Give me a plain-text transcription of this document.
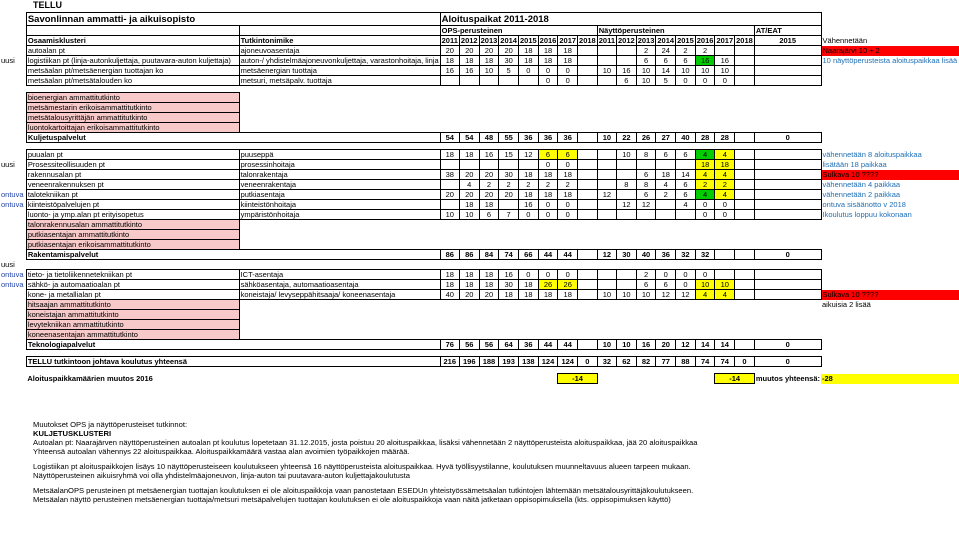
TELLU
	Savonlinnan ammatti- ja aikuisopisto		Aloituspaikat 2011-2018																	
			OPS-perusteinen								Näyttöperusteinen								AT/EAT	
	Osaamisklusteri	Tutkintonimike	2011	2012	2013	2014	2015	2016	2017	2018	2011	2012	2013	2014	2015	2016	2017	2018	2015	Vähennetään
	autoalan pt	ajoneuvoasentaja	20	20	20	20	18	18	18				2	24	2	2				Naarajärvi 10 + 2
uusi	logistiikan pt (linja-autonkuljettaja, puutavara-auton kuljettaja)	auton-/ yhdistelmäajoneuvonkuljettaja, varastonhoitaja, linja	18	18	18	30	18	18	18				6	6	6	16	16			10 näyttöperusteista aloituspaikkaa lisää
	metsäalan pt/metsäenergian tuottajan ko	metsäenergian tuottaja	16	16	10	5	0	0	0		10	16	10	14	10	10	10			
	metsäalan pt/metsätalouden ko	metsuri, metsäpalv. tuottaja						0	0			6	10	5	0	0	0			

	bioenergian ammattitutkinto																			
	metsämestarin erikoisammattitutkinto																			
	metsätalousyrittäjän ammattitutkinto																			
	luontokartoittajan erikoisammattitutkinto																			
	Kuljetuspalvelut		54	54	48	55	36	36	36		10	22	26	27	40	28	28		0	

	puualan pt	puuseppä	18	18	16	15	12	6	6			10	8	6	6	4	4			vähennetään 8 aloituspaikkaa
uusi	Prosessiteollisuuden pt	prosessinhoitaja						0	0							18	18			lisätään 18 paikkaa
	rakennusalan pt	talonrakentaja	38	20	20	30	18	18	18				6	18	14	4	4			Sulkava 10 ????
	veneenrakennuksen pt	veneenrakentaja		4	2	2	2	2	2			8	8	4	6	2	2			vähennetään 4 paikkaa
ontuva	talotekniikan pt	putkiasentaja	20	20	20	20	18	18	18		12		6	2	6	4	4			vähennetään 2 paikkaa
ontuva	kiinteistöpalvelujen pt	kiinteistönhoitaja		18	18		16	0	0			12	12		4	0	0			ontuva sisäänotto v 2018
	luonto- ja ymp.alan pt erityisopetus	ympäristönhoitaja	10	10	6	7	0	0	0							0	0			Ikoulutus loppuu kokonaan
	talonrakennusalan ammattitutkinto																			
	putkiasentajan ammattitutkinto																			
	putkiasentajan erikoisammattitutkinto																			
	Rakentamispalvelut		86	86	84	74	66	44	44		12	30	40	36	32	32			0	
uusi																				
ontuva	tieto- ja tietoliikennetekniikan pt	ICT-asentaja	18	18	18	16	0	0	0				2	0	0	0				
ontuva	sähkö- ja automaatioalan pt	sähköasentaja, automaatioasentaja	18	18	18	30	18	26	26				6	6	0	10	10			
	kone- ja metallialan pt	koneistaja/ levyseppähitsaaja/ koneenasentaja	40	20	20	18	18	18	18		10	10	10	12	12	4	4			Sulkava 10 ????
	hitsaajan ammattitutkinto																			aikuisia 2 lisää
	koneistajan ammattitutkinto																			
	levytekniikan ammattitutkinto																			
	koneenasentajan ammattitutkinto																			
	Teknologiapalvelut		76	56	56	64	36	44	44		10	10	16	20	12	14	14		0	

	TELLU tutkintoon johtava koulutus yhteensä		216	196	188	193	138	124	124	0	32	62	82	77	88	74	74	0	0	

	Aloituspaikkamäärien muutos 2016								-14								-14		muutos yhteensä:	-28
Muutokset OPS ja näyttöperusteiset tutkinnot:
KULJETUSKLUSTERI
Autoalan pt: Naarajärven näyttöperusteinen autoalan pt koulutus lopetetaan 31.12.2015, josta poistuu 20 aloituspaikkaa, lisäksi vähennetään 2 näyttöperusteista aloituspaikkaa, jää 20 aloituspaikkaa
Yhteensä autoalan vähennys 22 aloituspaikkaa. Aloituspaikkamäärä vastaa alan avoimien työpaikkojen määrää.
Logistiikan pt aloituspaikkojen lisäys 10 näyttöperusteiseen koulutukseen yhteensä 16 näyttöperusteista aloituspaikkaa. Hyvä työllisyystilanne, koulutuksen muunneltavuus alueen tarpeen mukaan.
Näyttöperusteinen aikuisryhmä voi olla yhdistelmäajoneuvon, linja-auton tai puutavara-auton kuljettajakoulutusta
MetsäalanOPS perusteinen pt metsäenergian tuottajan koulutuksen ei ole aloituspaikkoja vaan panostetaan ESEDUn yhteistyössämetsäalan tutkintojen lähtemään metsätalousyrittäjäkoulutukseen.
Metsäalan näyttö perusteinen metsäenergian tuottaja/metsuri metsäpalvelujen tuottajan koulutuksen ei ole aloituspaikkoja vaan näitä jatketaan oppisopimuksella (kts. oppisopimuksen käyttö)
